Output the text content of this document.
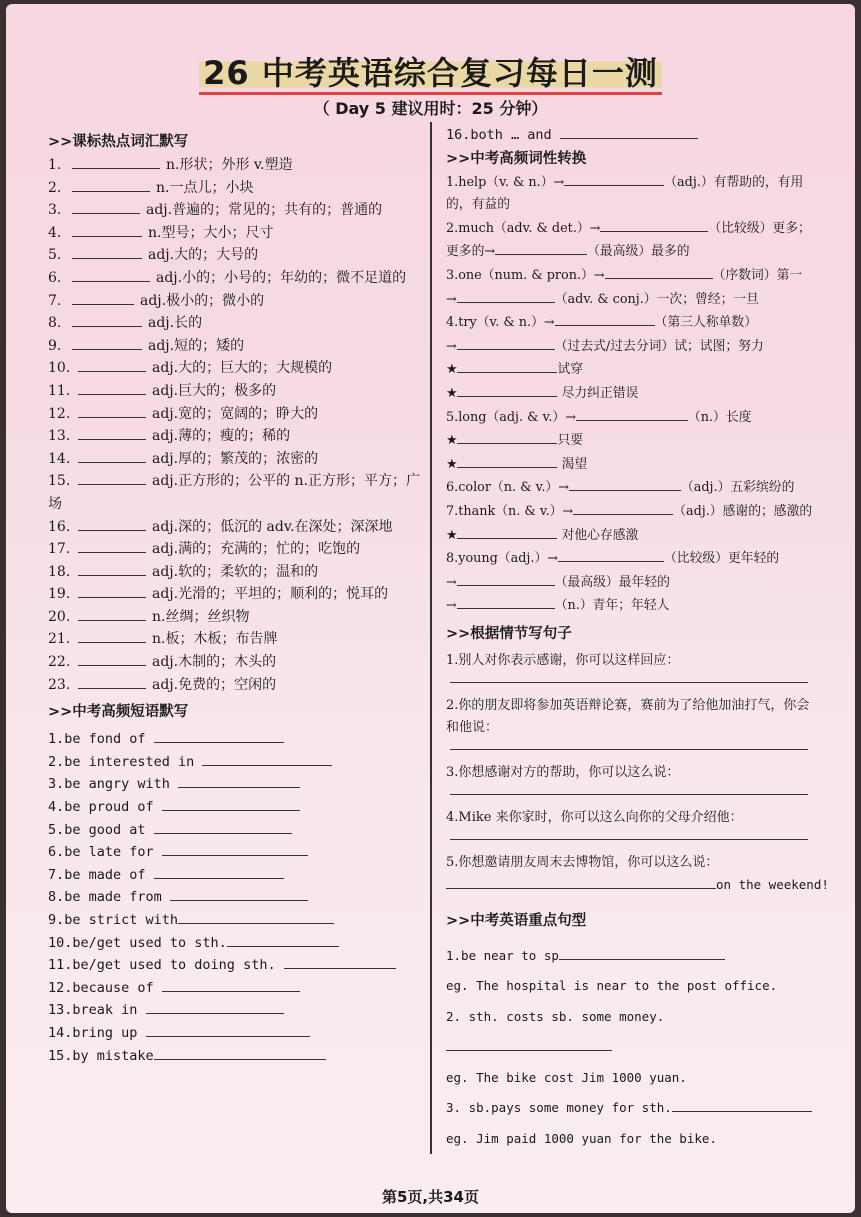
26 中考英语综合复习每日一测
（ Day 5 建议用时：25 分钟）
>>课标热点词汇默写
1.	n.形状；外形 v.塑造
2.	n.一点儿；小块
3.	adj.普遍的；常见的；共有的；普通的
4.	n.型号；大小；尺寸
5.	adj.大的；大号的
6.	adj.小的；小号的；年幼的；微不足道的
7.	adj.极小的；微小的
8.	adj.长的
9.	adj.短的；矮的
10.	adj.大的；巨大的；大规模的
11.	adj.巨大的；极多的
12.	adj.宽的；宽阔的；睁大的
13.	adj.薄的；瘦的；稀的
14.	adj.厚的；繁茂的；浓密的
15.	adj.正方形的；公平的 n.正方形；平方；广场
16.	adj.深的；低沉的 adv.在深处；深深地
17.	adj.满的；充满的；忙的；吃饱的
18.	adj.软的；柔软的；温和的
19.	adj.光滑的；平坦的；顺利的；悦耳的
20.	n.丝绸；丝织物
21.	n.板；木板；布告牌
22.	adj.木制的；木头的
23.	adj.免费的；空闲的
>>中考高频短语默写
1.be fond of
2.be interested in
3.be angry with
4.be proud of
5.be good at
6.be late for
7.be made of
8.be made from
9.be strict with
10.be/get used to sth.
11.be/get used to doing sth.
12.because of
13.break in
14.bring up
15.by mistake
16.both … and
>>中考高频词性转换
1.help（v. & n.）→	（adj.）有帮助的，有用的，有益的
2.much（adv. & det.）→	（比较级）更多；更多的→	（最高级）最多的
3.one（num. & pron.）→	（序数词）第一
→	（adv. & conj.）一次；曾经；一旦
4.try（v. & n.）→	（第三人称单数）
→	（过去式/过去分词）试；试图；努力
★	试穿
★	尽力纠正错误
5.long（adj. & v.）→	（n.）长度
★	只要
★	渴望
6.color（n. & v.）→	（adj.）五彩缤纷的
7.thank（n. & v.）→	（adj.）感谢的；感激的
★	对他心存感激
8.young（adj.）→	（比较级）更年轻的
→	（最高级）最年轻的
→	（n.）青年；年轻人
>>根据情节写句子
1.别人对你表示感谢，你可以这样回应：
2.你的朋友即将参加英语辩论赛，赛前为了给他加油打气，你会和他说：
3.你想感谢对方的帮助，你可以这么说：
4.Mike 来你家时，你可以这么向你的父母介绍他：
5.你想邀请朋友周末去博物馆，你可以这么说：
on the weekend!
>>中考英语重点句型
1.be near to sp
eg. The hospital is near to the post office.
2. sth. costs sb. some money.
eg. The bike cost Jim 1000 yuan.
3. sb.pays some money for sth.
eg. Jim paid 1000 yuan for the bike.
第5页,共34页
